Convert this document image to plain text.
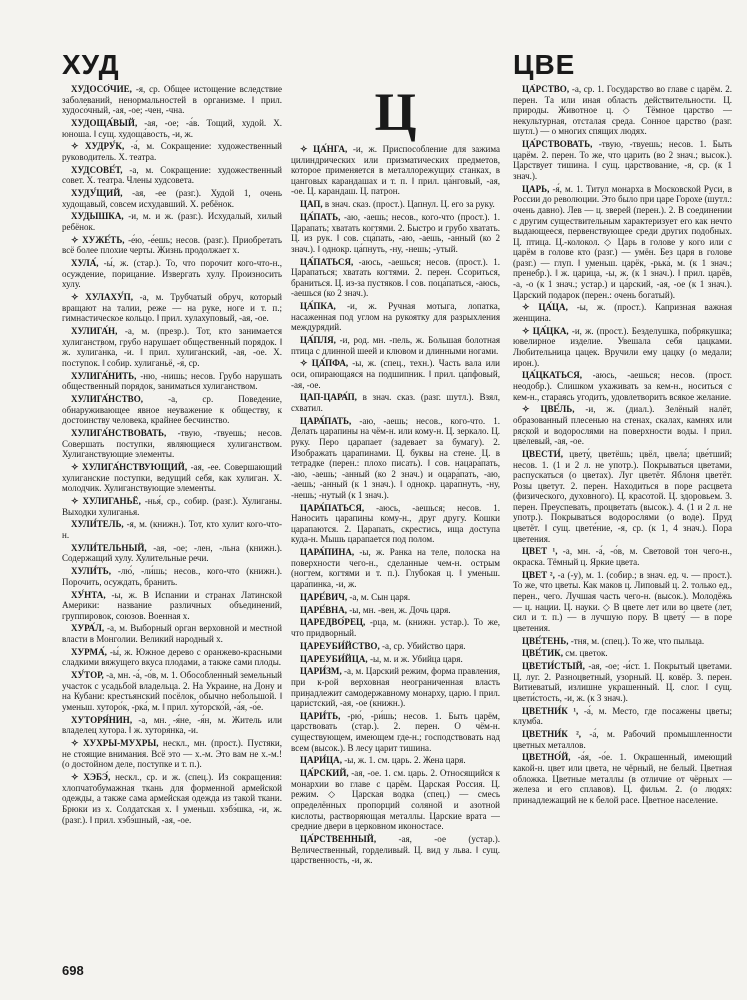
ХУД	ЦВЕ

ХУДОСО́ЧИЕ, -я, ср. Общее истощение вследствие заболеваний, ненормальностей в организме. ‖ прил. худосо́чный, -ая, -ое; -чен, -чна.

ХУДОЩА́ВЫЙ, -ая, -ое; -а́в. Тощий, худой. Х. юноша. ‖ сущ. худоща́вость, -и, ж.

✧ ХУДРУ́К, -а́, м. Сокращение: художественный руководитель. Х. театра.

ХУДСОВЕ́Т, -а, м. Сокращение: художественный совет. Х. театра. Члены худсовета.

ХУДУ́ЩИЙ, -ая, -ее (разг.). Худой 1, очень худощавый, совсем исхудавший. Х. ребёнок.

ХУДЫШКА, -и, м. и ж. (разг.). Исхудалый, хилый ребёнок.

✧ ХУЖЕ́ТЬ, -е́ю, -е́ешь; несов. (разг.). Приобретать всё более плохие черты. Жизнь продолжает х.

ХУЛА́, -ы́, ж. (стар.). То, что порочит кого-что-н., осуждение, порицание. Извергать хулу. Произносить хулу.

✧ ХУЛАХУ́П, -а, м. Трубчатый обруч, который вращают на талии, реже — на руке, ноге и т. п.; гимнастическое кольцо. ‖ прил. хулаху́повый, -ая, -ое.

ХУЛИГА́Н, -а, м. (презр.). Тот, кто занимается хулиганством, грубо нарушает общественный порядок. ‖ ж. хулига́нка, -и. ‖ прил. хулига́нский, -ая, -ое. Х. поступок. ‖ собир. хулиганьё, -я́, ср.

ХУЛИГА́НИТЬ, -ню, -нишь; несов. Грубо нарушать общественный порядок, заниматься хулиганством.

ХУЛИГА́НСТВО,	-а, ср. Поведение, обнаруживающее явное неуважение к обществу, к достоинству человека, крайнее бесчинство.

ХУЛИГА́НСТВОВАТЬ, -твую, -твуешь; несов. Совершать поступки, являющиеся хулиганством. Хулиганствующие элементы.

✧ ХУЛИГА́НСТВУЮЩИЙ, -ая, -ее. Совершающий хулиганские поступки, ведущий себя, как хулиган. Х. молодчик. Хулиганствующие элементы.

✧ ХУЛИГАНЬЁ, -нья́, ср., собир. (разг.). Хулиганы. Выходки хулиганья.

ХУЛИ́ТЕЛЬ, -я, м. (книжн.). Тот, кто хулит кого-что-н.

ХУЛИ́ТЕЛЬНЫЙ, -ая, -ое; -лен, -льна (книжн.). Содержащий хулу. Хулительные речи.

ХУЛИ́ТЬ, -лю́, -ли́шь; несов., кого-что (книжн.). Порочить, осуждать, бранить.

ХУ́НТА, -ы, ж. В Испании и странах Латинской Америки: название различных объединений, группировок, союзов. Военная х.

ХУРА́Л, -а, м. Выборный орган верховной и местной власти в Монголии. Великий народный х.

ХУРМА́, -ы́, ж. Южное дерево с оранжево-красными сладкими вяжущего вкуса плодами, а также сами плоды.

ХУ́ТОР, -а, мн. -а́, -о́в, м. 1. Обособленный земельный участок с усадьбой владельца. 2. На Украине, на Дону и на Кубани: крестьянский посёлок, обычно небольшой. ‖ уменьш. хуторо́к, -рка́, м. ‖ прил. ху́торско́й, -а́я, -о́е.

ХУТОРЯ́НИН, -а, мн. -я́не, -я́н, м. Житель или владелец хутора. ‖ ж. хуторя́нка, -и.

✧ ХУХРЫ-МУХРЫ, нескл., мн. (прост.). Пустяки, не стоящие внимания. Всё это — х.-м. Это вам не х.-м.! (о достойном деле, поступке и т. п.).

✧ ХЭБЭ́, нескл., ср. и ж. (спец.). Из сокращения: хлопчатобумажная ткань для форменной армейской одежды, а также сама армейская одежда из такой ткани. Брюки из х. Солдатская х. ‖ уменьш. хэбэ́шка, -и, ж. (разг.). ‖ прил. хэбэ́шный, -ая, -ое.

Ц

✧ ЦА́НГА, -и, ж. Приспособление для зажима цилиндрических или призматических предметов, которое применяется в металлорежущих станках, в цанговых карандашах и т. п. ‖ прил. ца́нговый, -ая, -ое. Ц. карандаш. Ц. патрон.

ЦАП, в знач. сказ. (прост.). Цапнул. Ц. его за руку.

ЦА́ПАТЬ, -аю, -аешь; несов., кого-что (прост.). 1. Царапать; хватать когтями. 2. Быстро и грубо хватать. Ц. из рук. ‖ сов. сца́пать, -аю, -аешь, -анный (ко 2 знач.). ‖ однокр. ца́пнуть, -ну, -нешь; -утый.

ЦА́ПАТЬСЯ, -аюсь, -аешься; несов. (прост.). 1. Царапаться; хватать когтями. 2. перен. Ссориться, браниться. Ц. из-за пустяков. ‖ сов. поца́паться, -аюсь, -аешься (ко 2 знач.).

ЦА́ПКА, -и, ж. Ручная мотыга, лопатка, насаженная под углом на рукоятку для разрыхления междурядий.

ЦА́ПЛЯ, -и, род. мн. -пель, ж. Большая болотная птица с длинной шеей и клювом и длинными ногами.

✧ ЦА́ПФА, -ы, ж. (спец., техн.). Часть вала или оси, опирающаяся на подшипник. ‖ прил. ца́пфовый, -ая, -ое.

ЦАП-ЦАРА́П, в знач. сказ. (разг. шутл.). Взял, схватил.

ЦАРА́ПАТЬ, -аю, -аешь; несов., кого-что. 1. Делать царапины на чём-н. или кому-н. Ц. зеркало. Ц. руку. Перо царапает (задевает за бумагу). 2. Изображать царапинами. Ц. буквы на стене. Ц. в тетрадке (перен.: плохо писать). ‖ сов. нацара́пать, -аю, -аешь; -анный (ко 2 знач.) и оцара́пать, -аю, -аешь; -анный (к 1 знач.). ‖ однокр. цара́пнуть, -ну, -нешь; -нутый (к 1 знач.).

ЦАРА́ПАТЬСЯ, -аюсь, -аешься; несов. 1. Наносить царапины кому-н., друг другу. Кошки царапаются. 2. Царапать, скрестись, ища доступа куда-н. Мышь царапается под полом.

ЦАРА́ПИНА, -ы, ж. Ранка на теле, полоска на поверхности чего-н., сделанные чем-н. острым (ногтем, когтями и т. п.). Глубокая ц. ‖ уменьш. цара́пинка, -и, ж.

ЦАРЕ́ВИЧ, -а, м. Сын царя.

ЦАРЕ́ВНА, -ы, мн. -вен, ж. Дочь царя.

ЦАРЕДВО́РЕЦ, -рца, м. (книжн. устар.). То же, что придворный.

ЦАРЕУБИ́ЙСТВО, -а, ср. Убийство царя.

ЦАРЕУБИ́ЙЦА, -ы, м. и ж. Убийца царя.

ЦАРИ́ЗМ, -а, м. Царский режим, форма правления, при к-рой верховная неограниченная власть принадлежит самодержавному монарху, царю. ‖ прил. цари́стский, -ая, -ое (книжн.).

ЦАРИ́ТЬ, -рю́, -ри́шь; несов. 1. Быть царём, царствовать (стар.). 2. перен. О чём-н. существующем, имеющем где-н.; господствовать над всем (высок.). В лесу царит тишина.

ЦАРИ́ЦА, -ы, ж. 1. см. царь. 2. Жена царя.

ЦА́РСКИЙ, -ая, -ое. 1. см. царь. 2. Относящийся к монархии во главе с царём. Царская Россия. Ц. режим. ◇ Царская водка (спец.) — смесь определённых пропорций соляной и азотной кислоты, растворяющая металлы. Царские врата — средние двери в церковном иконостасе.

ЦА́РСТВЕННЫЙ, -ая, -ое (устар.). Величественный, горделивый. Ц. вид у льва. ‖ сущ. ца́рственность, -и, ж.

ЦА́РСТВО, -а, ср. 1. Государство во главе с царём. 2. перен. Та или иная область действительности. Ц. природы. Животное ц. ◇ Тёмное царство — некультурная, отсталая среда. Сонное царство (разг. шутл.) — о многих спящих людях.

ЦА́РСТВОВАТЬ, -твую, -твуешь; несов. 1. Быть царём. 2. перен. То же, что царить (во 2 знач.; высок.). Царствует тишина. ‖ сущ. ца́рствование, -я, ср. (к 1 знач.).

ЦАРЬ, -я́, м. 1. Титул монарха в Московской Руси, в России до революции. Это было при царе Горохе (шутл.: очень давно). Лев — ц. зверей (перен.). 2. В соединении с другим существительным характеризует его как нечто выдающееся, первенствующее среди других подобных. Ц. птица. Ц.-колокол. ◇ Царь в голове у кого или с царём в голове кто (разг.) — умён. Без царя в голове (разг.) — глуп. ‖ уменьш. царёк, -рька́, м. (к 1 знач.; пренебр.). ‖ ж. цари́ца, -ы, ж. (к 1 знач.). ‖ прил. царёв, -а, -о (к 1 знач.; устар.) и ца́рский, -ая, -ое (к 1 знач.). Царский подарок (перен.: очень богатый).

✧ ЦА́ЦА, -ы, ж. (прост.). Капризная важная женщина.

✧ ЦА́ЦКА, -и, ж. (прост.). Безделушка, побрякушка; ювелирное изделие. Увешала себя цацками. Любительница цацек. Вручили ему цацку (о медали; ирон.).

ЦА́ЦКАТЬСЯ, -аюсь, -аешься; несов. (прост. неодобр.). Слишком ухаживать за кем-н., носиться с кем-н., стараясь угодить, удовлетворить всякое желание.

✧ ЦВЕ́ЛЬ, -и, ж. (диал.). Зелёный налёт, образованный плесенью на стенах, скалах, камнях или ряской и водорослями на поверхности воды. ‖ прил. цве́левый, -ая, -ое.

ЦВЕСТИ́, цвету́, цветёшь; цвёл, цвела́; цве́тший; несов. 1. (1 и 2 л. не употр.). Покрываться цветами, распускаться (о цветах). Луг цветёт. Яблоня цветёт. Розы цветут. 2. перен. Находиться в поре расцвета (физического, духовного). Ц. красотой. Ц. здоровьем. 3. перен. Преуспевать, процветать (высок.). 4. (1 и 2 л. не употр.). Покрываться водорослями (о воде). Пруд цветёт. ‖ сущ. цвете́ние, -я, ср. (к 1, 4 знач.). Пора цветения.

ЦВЕТ ¹, -а, мн. -а́, -о́в, м. Световой тон чего-н., окраска. Тёмный ц. Яркие цвета.

ЦВЕТ ², -а (-у), м. 1. (собир.; в знач. ед. ч. — прост.). То же, что цветы. Как маков ц. Липовый ц. 2. только ед., перен., чего. Лучшая часть чего-н. (высок.). Молодёжь — ц. нации. Ц. науки. ◇ В цвете лет или во цвете (лет, сил и т. п.) — в лучшую пору. В цвету́ — в поре цветения.

ЦВЕ́ТЕНЬ, -тня, м. (спец.). То же, что пыльца.

ЦВЕ́ТИК, см. цветок.

ЦВЕТИ́СТЫЙ, -ая, -ое; -и́ст. 1. Покрытый цветами. Ц. луг. 2. Разноцветный, узорный. Ц. ковёр. 3. перен. Витиеватый, излишне украшенный. Ц. слог. ‖ сущ. цвети́стость, -и, ж. (к 3 знач.).

ЦВЕТНИ́К ¹, -а́, м. Место, где посажены цветы; клумба.

ЦВЕТНИ́К ², -а́, м. Рабочий промышленности цветных металлов.

ЦВЕТНО́Й, -а́я, -о́е. 1. Окрашенный, имеющий какой-н. цвет или цвета, не чёрный, не белый. Цветная обложка. Цветные металлы (в отличие от чёрных — железа и его сплавов). Ц. фильм. 2. (о людях: принадлежащий не к белой расе. Цветное население.

698
